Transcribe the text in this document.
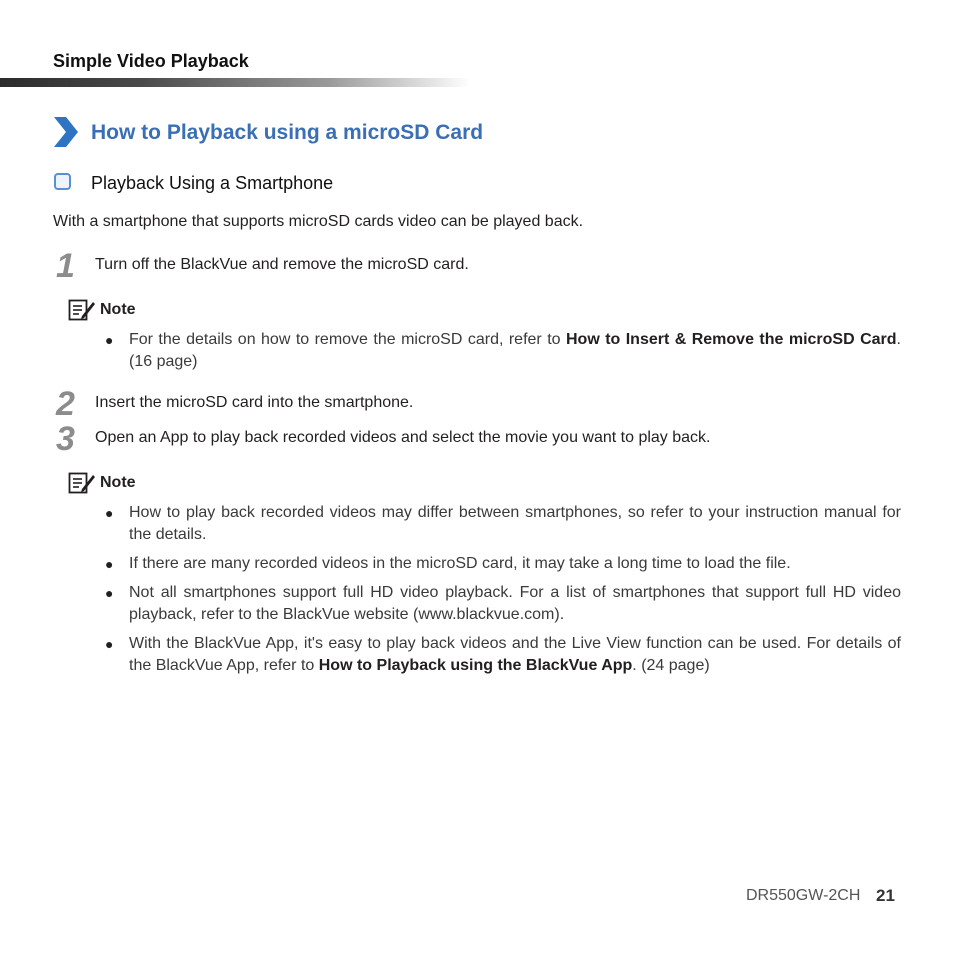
Simple Video Playback
How to Playback using a microSD Card
Playback Using a Smartphone
With a smartphone that supports microSD cards video can be played back.
1 Turn off the BlackVue and remove the microSD card.
Note
● For the details on how to remove the microSD card, refer to How to Insert & Remove the microSD Card. (16 page)
2 Insert the microSD card into the smartphone.
3 Open an App to play back recorded videos and select the movie you want to play back.
Note
● How to play back recorded videos may differ between smartphones, so refer to your instruction manual for the details.
● If there are many recorded videos in the microSD card, it may take a long time to load the file.
● Not all smartphones support full HD video playback. For a list of smartphones that support full HD video playback, refer to the BlackVue website (www.blackvue.com).
● With the BlackVue App, it's easy to play back videos and the Live View function can be used. For details of the BlackVue App, refer to How to Playback using the BlackVue App. (24 page)
DR550GW-2CH 21
